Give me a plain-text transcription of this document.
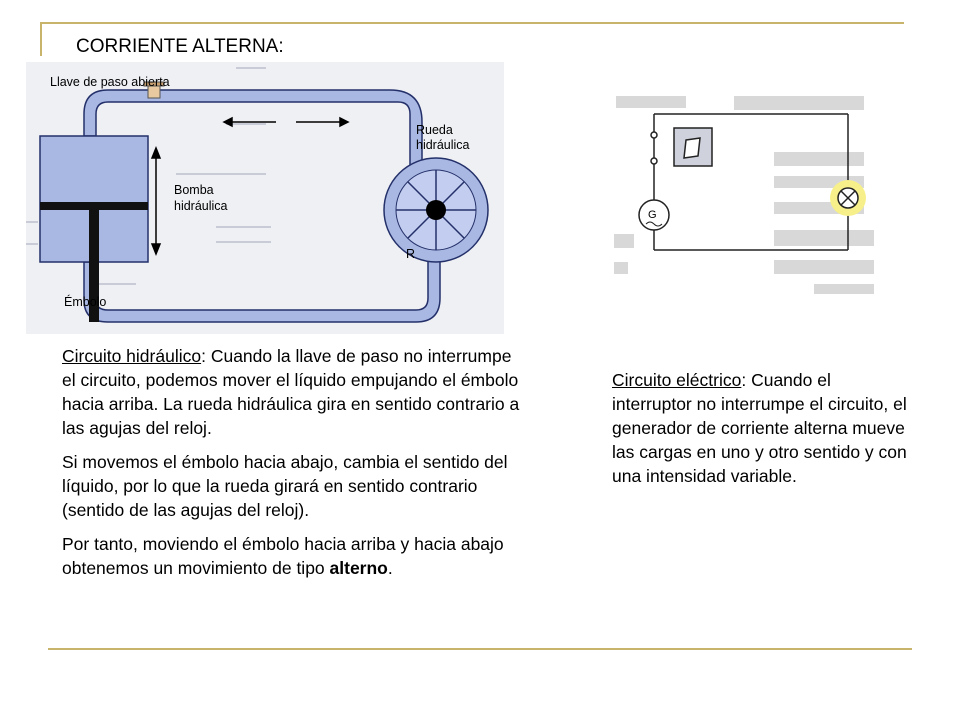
CORRIENTE ALTERNA:
Llave de paso abierta
Rueda
hidráulica
Bomba
hidráulica
Émbolo
R
G

Circuito hidráulico: Cuando la llave de paso no interrumpe el circuito, podemos mover el líquido empujando el émbolo hacia arriba. La rueda hidráulica gira en sentido contrario a las agujas del reloj.

Si movemos el émbolo hacia abajo, cambia el sentido del líquido, por lo que la rueda girará en sentido contrario (sentido de las agujas del reloj).

Por tanto, moviendo el émbolo hacia arriba y hacia abajo obtenemos un movimiento de tipo alterno.

Circuito eléctrico: Cuando el interruptor no interrumpe el circuito, el generador de corriente alterna mueve las cargas en uno y otro sentido y con una intensidad variable.
